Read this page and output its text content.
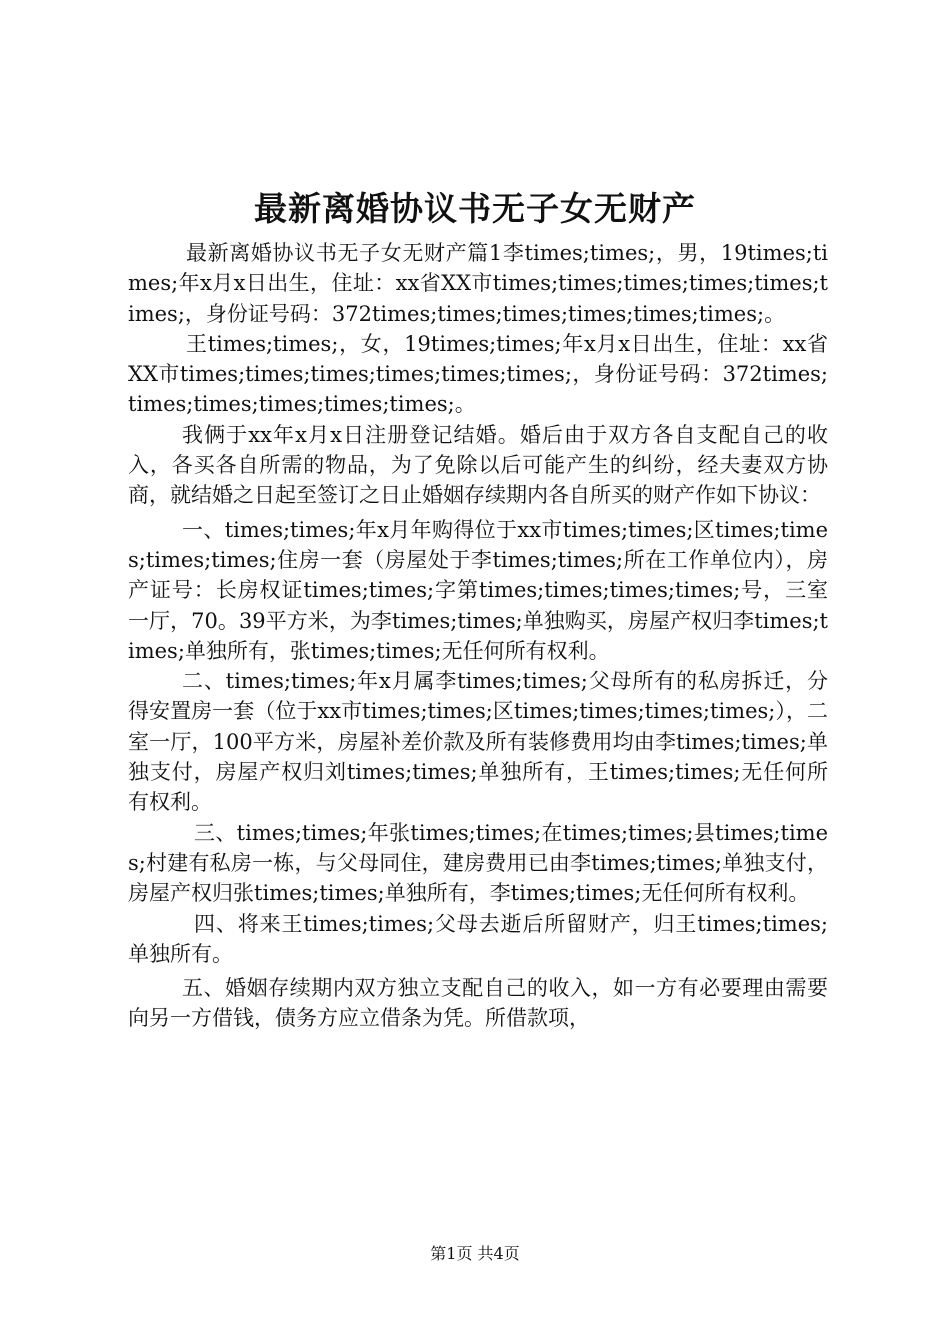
最新离婚协议书无子女无财产

最新离婚协议书无子女无财产篇1李times;times;，男，19times;times;年x月x日出生，住址：xx省XX市times;times;times;times;times;times;，身份证号码：372times;times;times;times;times;times;。

王times;times;，女，19times;times;年x月x日出生，住址：xx省XX市times;times;times;times;times;times;，身份证号码：372times;times;times;times;times;times;。

我俩于xx年x月x日注册登记结婚。婚后由于双方各自支配自己的收入，各买各自所需的物品，为了免除以后可能产生的纠纷，经夫妻双方协商，就结婚之日起至签订之日止婚姻存续期内各自所买的财产作如下协议：

一、times;times;年x月年购得位于xx市times;times;区times;times;times;times;住房一套（房屋处于李times;times;所在工作单位内），房产证号：长房权证times;times;字第times;times;times;times;号，三室一厅，70。39平方米，为李times;times;单独购买，房屋产权归李times;times;单独所有，张times;times;无任何所有权利。

二、times;times;年x月属李times;times;父母所有的私房拆迁，分得安置房一套（位于xx市times;times;区times;times;times;times;），二室一厅，100平方米，房屋补差价款及所有装修费用均由李times;times;单独支付，房屋产权归刘times;times;单独所有，王times;times;无任何所有权利。

三、times;times;年张times;times;在times;times;县times;times;村建有私房一栋，与父母同住，建房费用已由李times;times;单独支付，房屋产权归张times;times;单独所有，李times;times;无任何所有权利。

四、将来王times;times;父母去逝后所留财产，归王times;times;单独所有。

五、婚姻存续期内双方独立支配自己的收入，如一方有必要理由需要向另一方借钱，债务方应立借条为凭。所借款项，

第1页 共4页
